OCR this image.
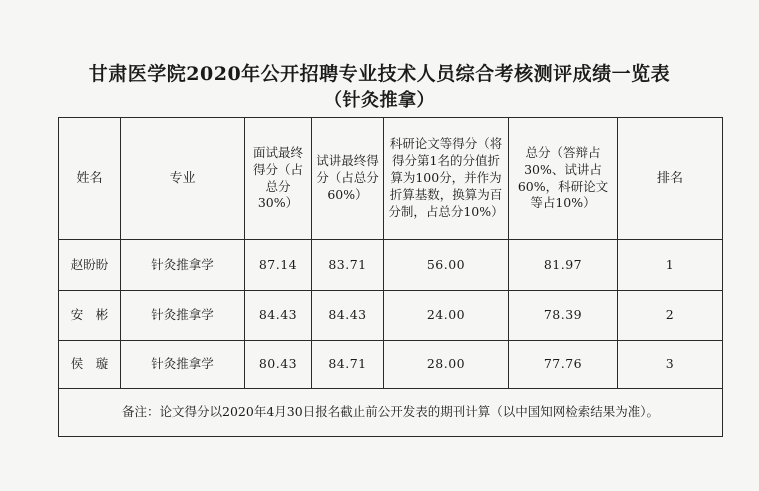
甘肃医学院2020年公开招聘专业技术人员综合考核测评成绩一览表
（针灸推拿）
姓名	专业	面试最终得分（占总分30%）	试讲最终得分（占总分60%）	科研论文等得分（将得分第1名的分值折算为100分，并作为折算基数，换算为百分制，占总分10%）	总分（答辩占30%、试讲占60%，科研论文等占10%）	排名
赵盼盼	针灸推拿学	87.14	83.71	56.00	81.97	1
安　彬	针灸推拿学	84.43	84.43	24.00	78.39	2
侯　璇	针灸推拿学	80.43	84.71	28.00	77.76	3
备注：论文得分以2020年4月30日报名截止前公开发表的期刊计算（以中国知网检索结果为准）。						
